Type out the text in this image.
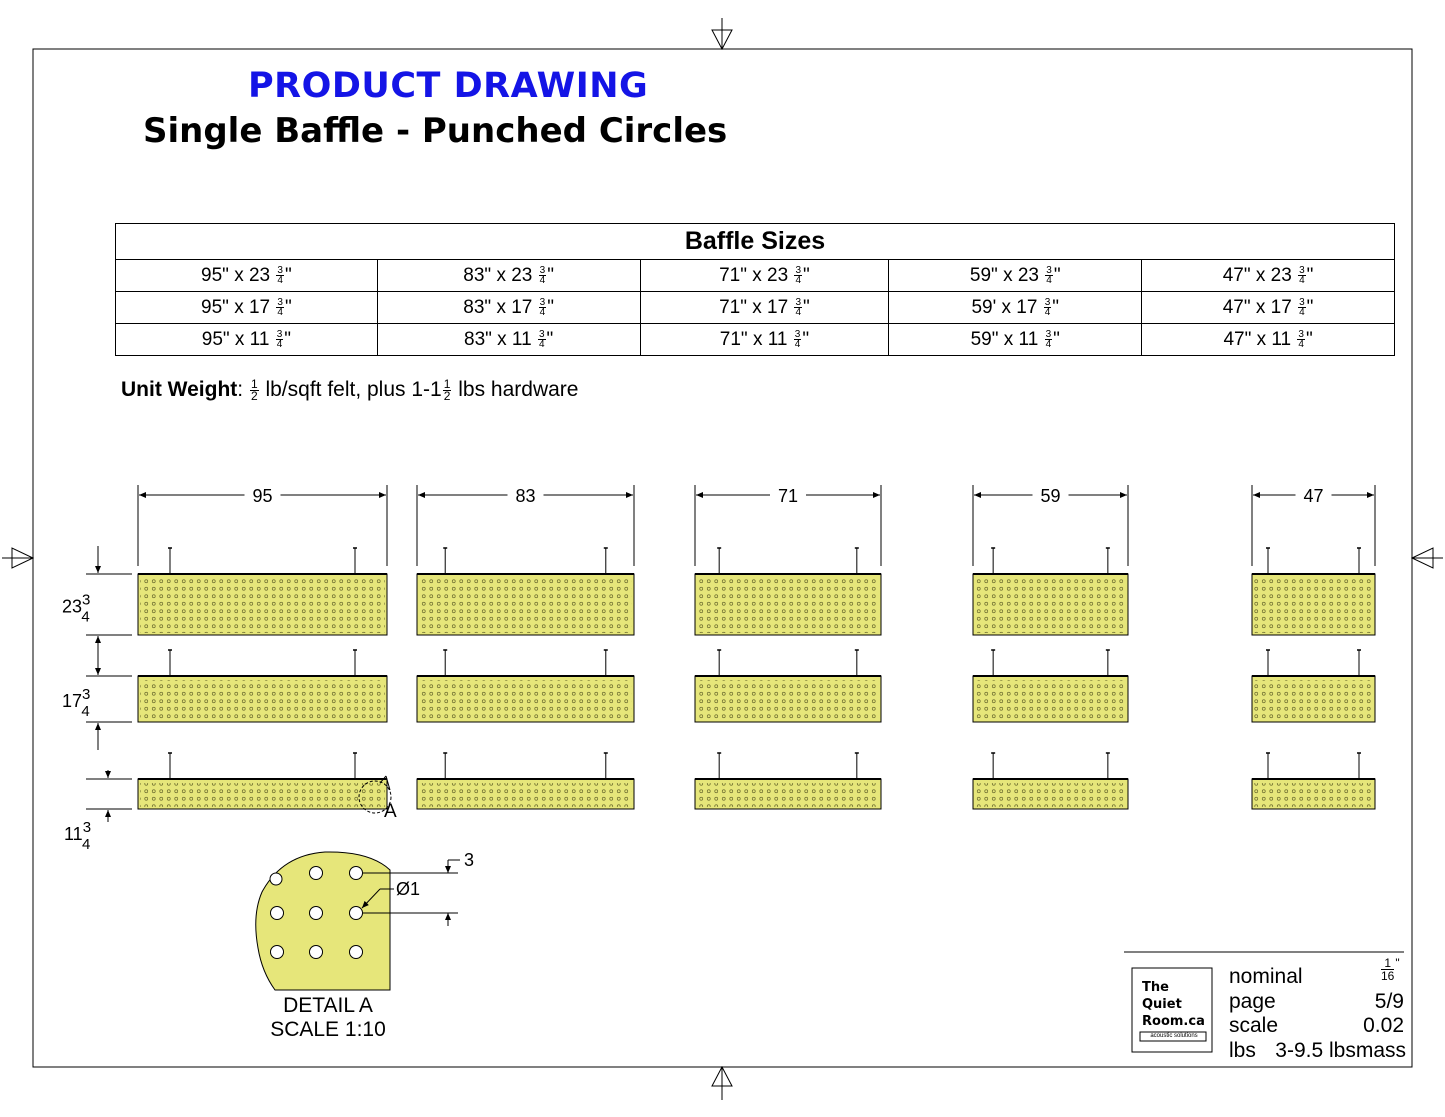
95	83	71	59	47
$23^3$ 4
$17^3$ 4
$11^3$ 4
A
3
Ø1
PRODUCT DRAWING
Single Baffle - Punched Circles
Baffle Sizes				
95" x $23 \frac{3}{4}$ "	83" x $23 \frac{3}{4}$ "	71" x $23 \frac{3}{4}$ "	59" x $23 \frac{3}{4}$ "	47" x $23 \frac{3}{4}$ "
95" x $17 \frac{3}{4}$ "	83" x $17 \frac{3}{4}$ "	71" x $17 \frac{3}{4}$ "	59' x $17 \frac{3}{4}$ "	47" x $17 \frac{3}{4}$ "
95" x $11 \frac{3}{4}$ "	83" x $11 \frac{3}{4}$ "	71" x $11 \frac{3}{4}$ "	59" x $11 \frac{3}{4}$ "	47" x $11 \frac{3}{4}$ "
Unit Weight: $\frac{1}{2}$ lb/sqft felt, plus $1-1 \frac{1}{2}$ lbs hardware
DETAIL A
SCALE 1:10
The
Quiet
Room.ca
acoustic solutions
nominal	$\frac{1}{16}$ "
page	5/9
scale	0.02
lbs 3-9.5 lbsmass
